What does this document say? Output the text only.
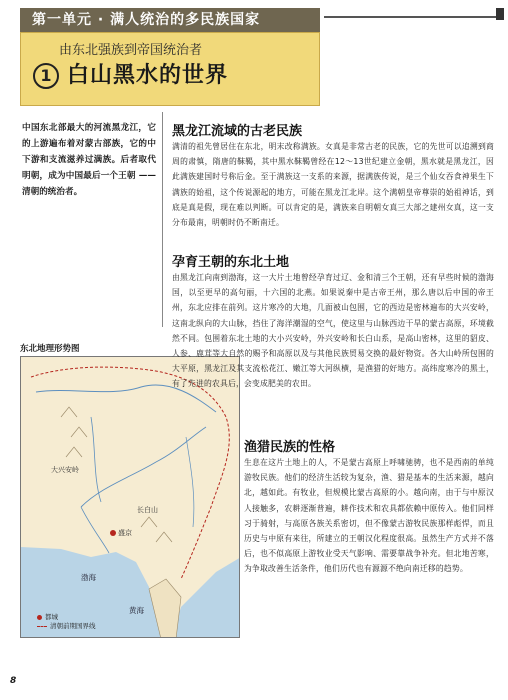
第一单元 · 满人统治的多民族国家
由东北强族到帝国统治者
1 白山黑水的世界

中国东北部最大的河流黑龙江，它的上游遍布着对蒙古部族，它的中下游和支流滋养过满族。后者取代明朝，成为中国最后一个王朝 —— 清朝的统治者。

东北地理形势图
大兴安岭
长白山
盛京
渤海
黄海
都城
清朝前期国界线
黑龙江流域的古老民族

满清的祖先曾居住在东北，明末改称满族。女真是非常古老的民族，它的先世可以追溯到商周的肃慎，隋唐的靺鞨，其中黑水靺鞨曾经在12～13世纪建立金朝，黑水就是黑龙江，因此满族建国时号称后金。至于满族这一支系的来源，据满族传说，是三个仙女吞食神果生下满族的始祖，这个传说源起的地方，可能在黑龙江北岸。这个满朝皇帝尊崇的始祖神话，到底是真是假，现在难以判断。可以肯定的是，满族来自明朝女真三大部之建州女真，这一支分布最南，明朝时仍不断南迁。

孕育王朝的东北土地

由黑龙江向南到渤海，这一大片土地曾经孕育过辽、金和清三个王朝，还有早些时候的渤海国，以至更早的高句丽，十六国的北燕。如果说秦中是古帝王州，那么唐以后中国的帝王州，东北应排在前列。这片寒冷的大地，几面被山包围，它的西边是密林遍布的大兴安岭，这南北纵向的大山脉，挡住了海洋潮湿的空气，使这里与山脉西边干旱的蒙古高原，环境截然不同。包围着东北土地的大小兴安岭，外兴安岭和长白山系，是高山密林，这里的貂皮、人参、鹿茸等大自然的赐予和高原以及与其他民族贸易交换的最好物资。各大山岭所包围的大平原，黑龙江及其支流松花江、嫩江等大河纵横，是渔猎的好地方。高纬度寒冷的黑土，有了先进的农具后，会变成肥美的农田。

渔猎民族的性格

生息在这片土地上的人，不是蒙古高原上呼啸驰骋，也不是西南的单纯游牧民族。他们的经济生活较为复杂，渔、猎是基本的生活来源，越向北，越如此。有牧业，但规模比蒙古高原的小。越向南，由于与中原汉人接触多，农耕逐渐普遍，耕作技术和农具都依赖中原传入。他们同样习于骑射，与高原各族关系密切，但不像蒙古游牧民族那样彪悍，而且历史与中原有来往，所建立的王朝汉化程度很高。虽然生产方式并不落后，也不似高原上游牧业受天气影响、需要靠战争补充。但北地苦寒，为争取改善生活条件，他们历代也有源源不绝向南迁移的趋势。

8
